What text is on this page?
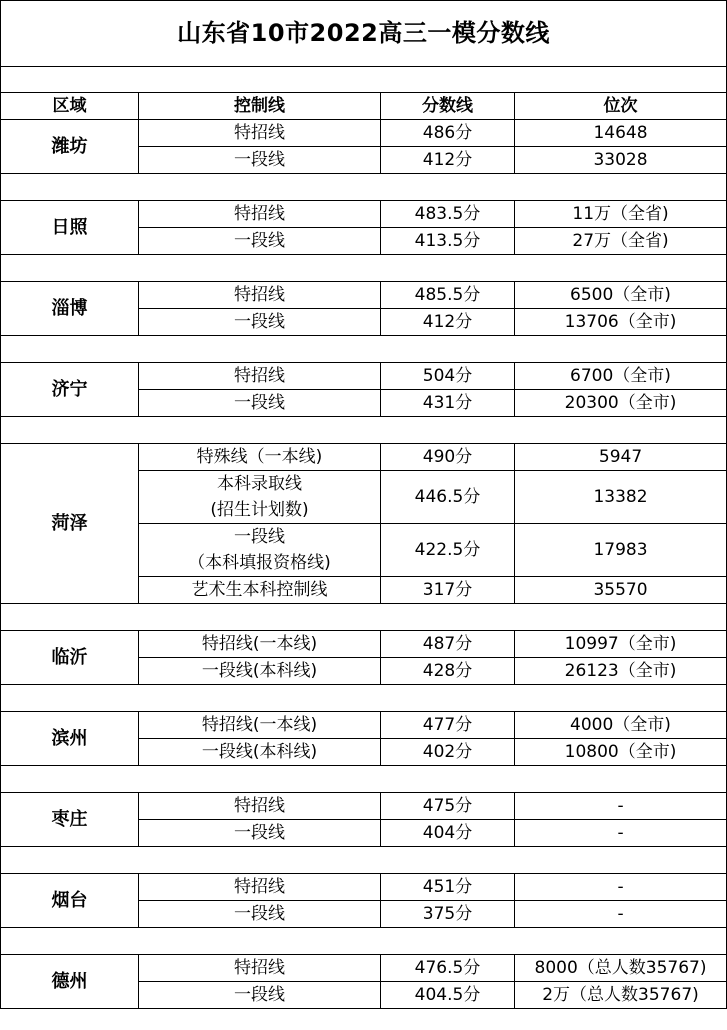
山东省10市2022高三一模分数线			

区域	控制线	分数线	位次
潍坊	特招线	486分	14648
	一段线	412分	33028

日照	特招线	483.5分	11万（全省)
	一段线	413.5分	27万（全省)

淄博	特招线	485.5分	6500（全市)
	一段线	412分	13706（全市)

济宁	特招线	504分	6700（全市)
	一段线	431分	20300（全市)

菏泽	特殊线（一本线)	490分	5947

	本科录取线
(招生计划数)	446.5分	13382

	一段线
（本科填报资格线)	422.5分	17983
	艺术生本科控制线	317分	35570

临沂	特招线(一本线)	487分	10997（全市)
	一段线(本科线)	428分	26123（全市)

滨州	特招线(一本线)	477分	4000（全市)
	一段线(本科线)	402分	10800（全市)

枣庄	特招线	475分	-
	一段线	404分	-

烟台	特招线	451分	-
	一段线	375分	-

德州	特招线	476.5分	8000（总人数35767)
	一段线	404.5分	2万（总人数35767)
